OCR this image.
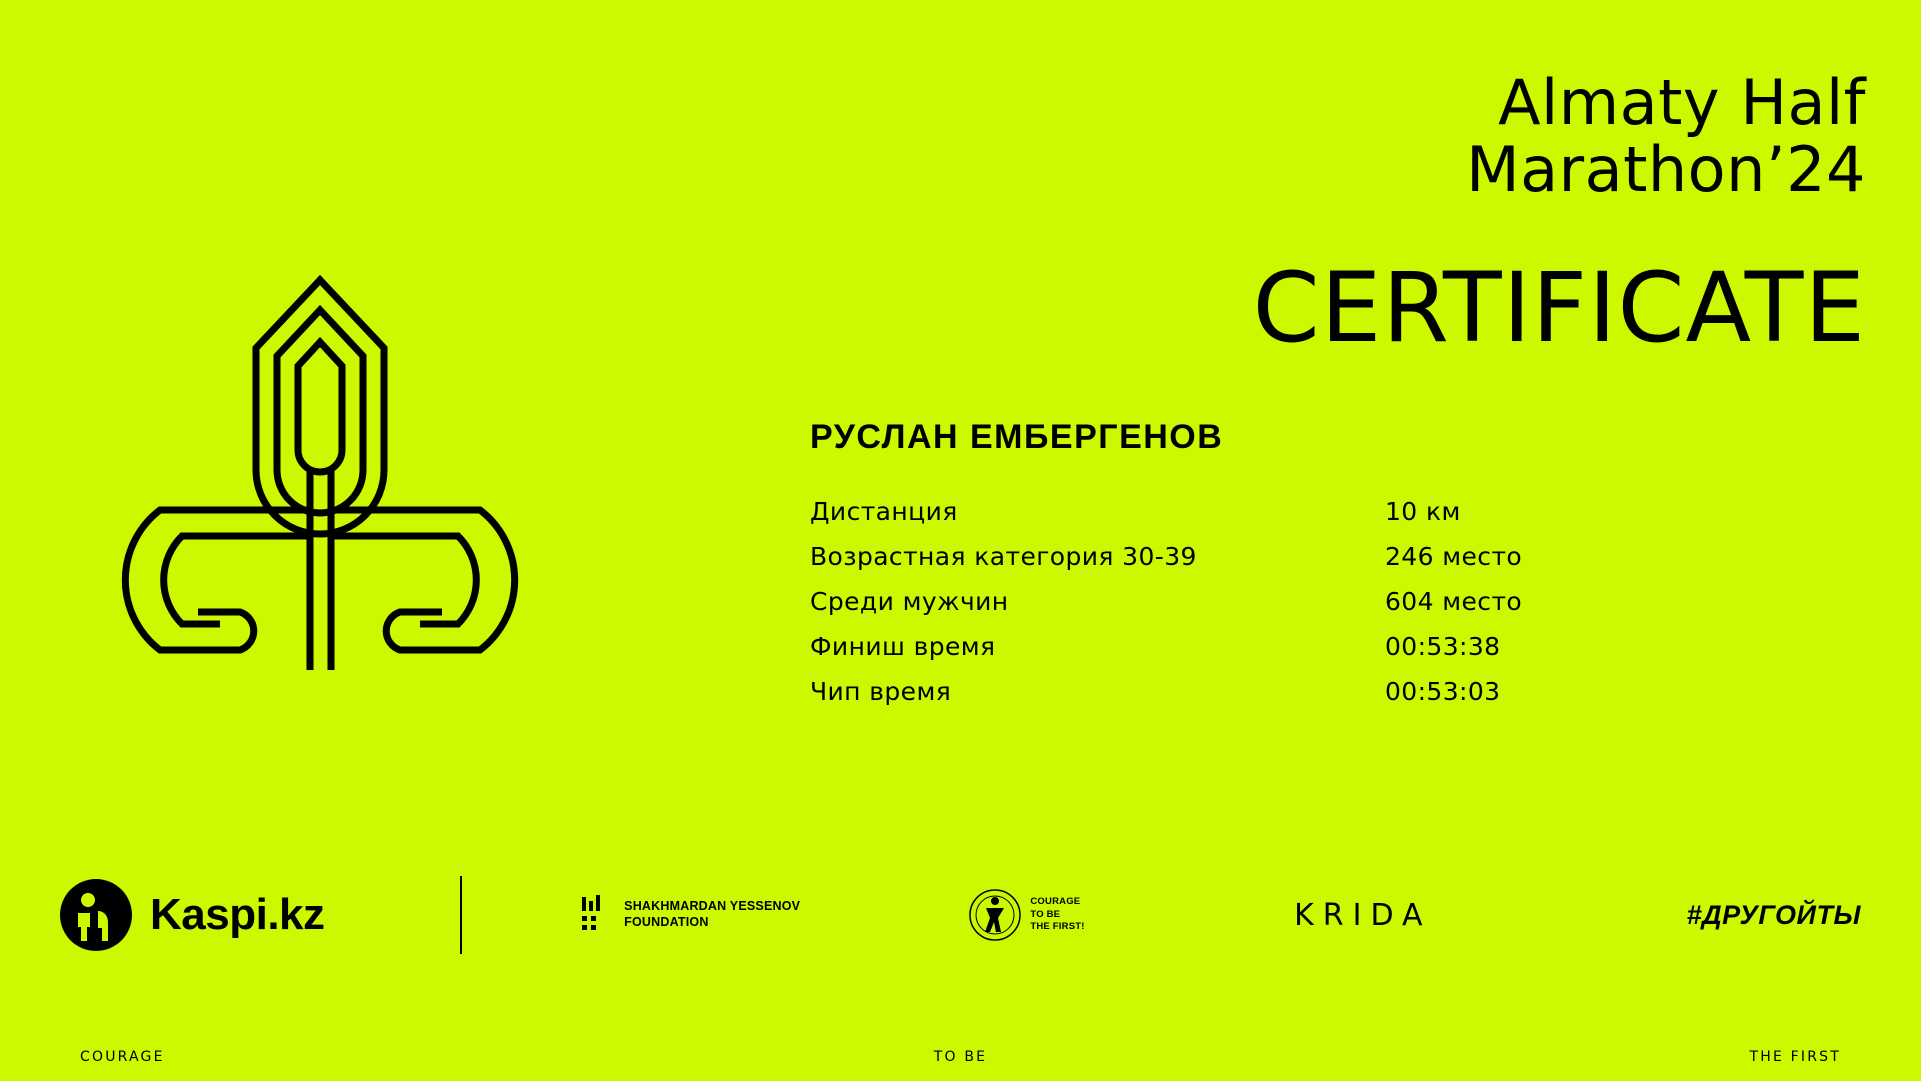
Almaty Half
Marathon’24
CERTIFICATE
РУСЛАН ЕМБЕРГЕНОВ
Дистанция	10 км
Возрастная категория 30-39	246 место
Среди мужчин	604 место
Финиш время	00:53:38
Чип время	00:53:03
Kaspi.kz	SHAKHMARDAN YESSENOV
FOUNDATION
COURAGE
TO BE
THE FIRST!	KRIDA	#ДРУГОЙТЫ
COURAGE	TO BE	THE FIRST
